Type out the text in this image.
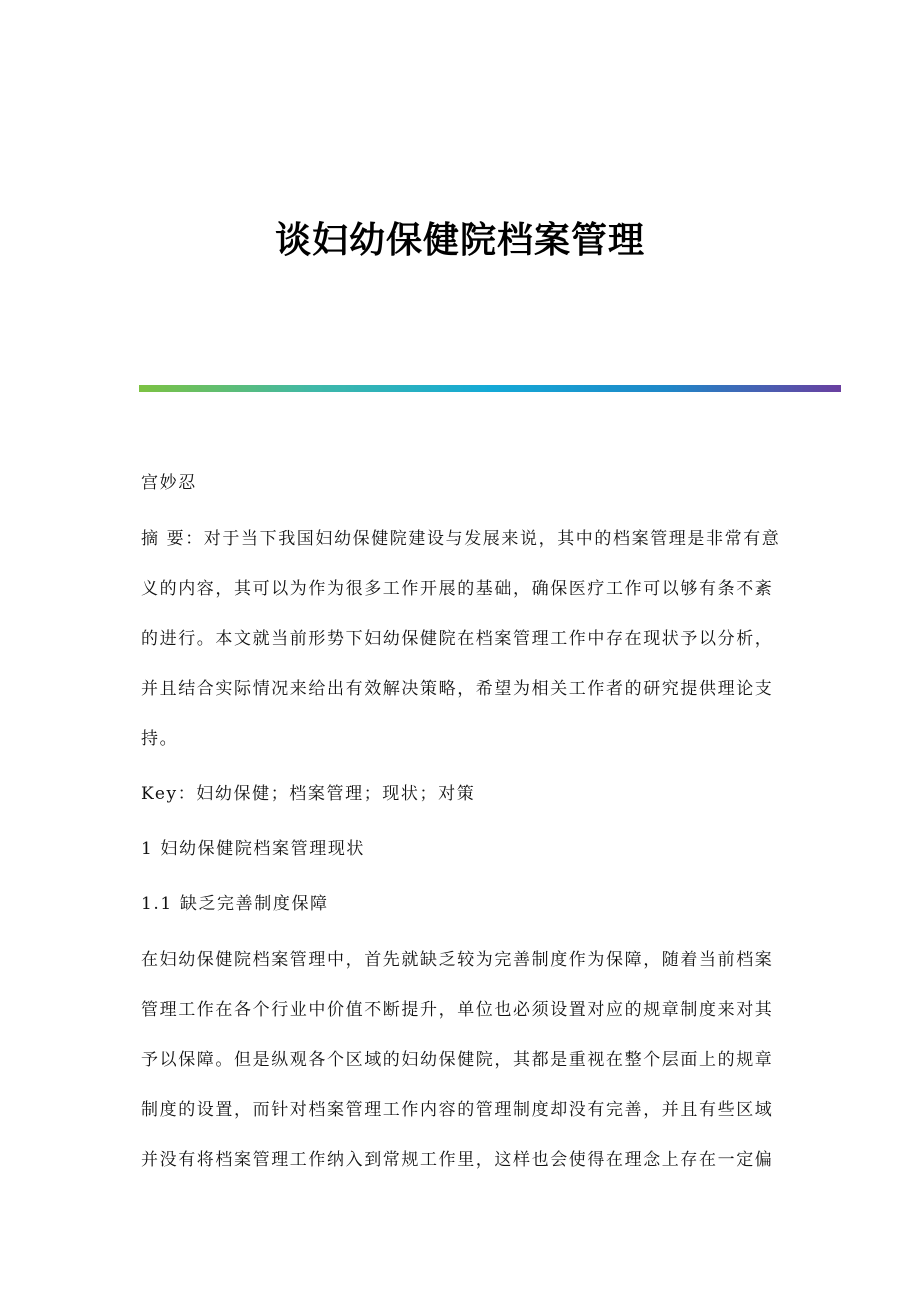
谈妇幼保健院档案管理

宫妙忍

摘 要：对于当下我国妇幼保健院建设与发展来说，其中的档案管理是非常有意义的内容，其可以为作为很多工作开展的基础，确保医疗工作可以够有条不紊的进行。本文就当前形势下妇幼保健院在档案管理工作中存在现状予以分析，并且结合实际情况来给出有效解决策略，希望为相关工作者的研究提供理论支持。

Key：妇幼保健；档案管理；现状；对策

1 妇幼保健院档案管理现状

1.1 缺乏完善制度保障

在妇幼保健院档案管理中，首先就缺乏较为完善制度作为保障，随着当前档案管理工作在各个行业中价值不断提升，单位也必须设置对应的规章制度来对其予以保障。但是纵观各个区域的妇幼保健院，其都是重视在整个层面上的规章制度的设置，而针对档案管理工作内容的管理制度却没有完善，并且有些区域并没有将档案管理工作纳入到常规工作里，这样也会使得在理念上存在一定偏
